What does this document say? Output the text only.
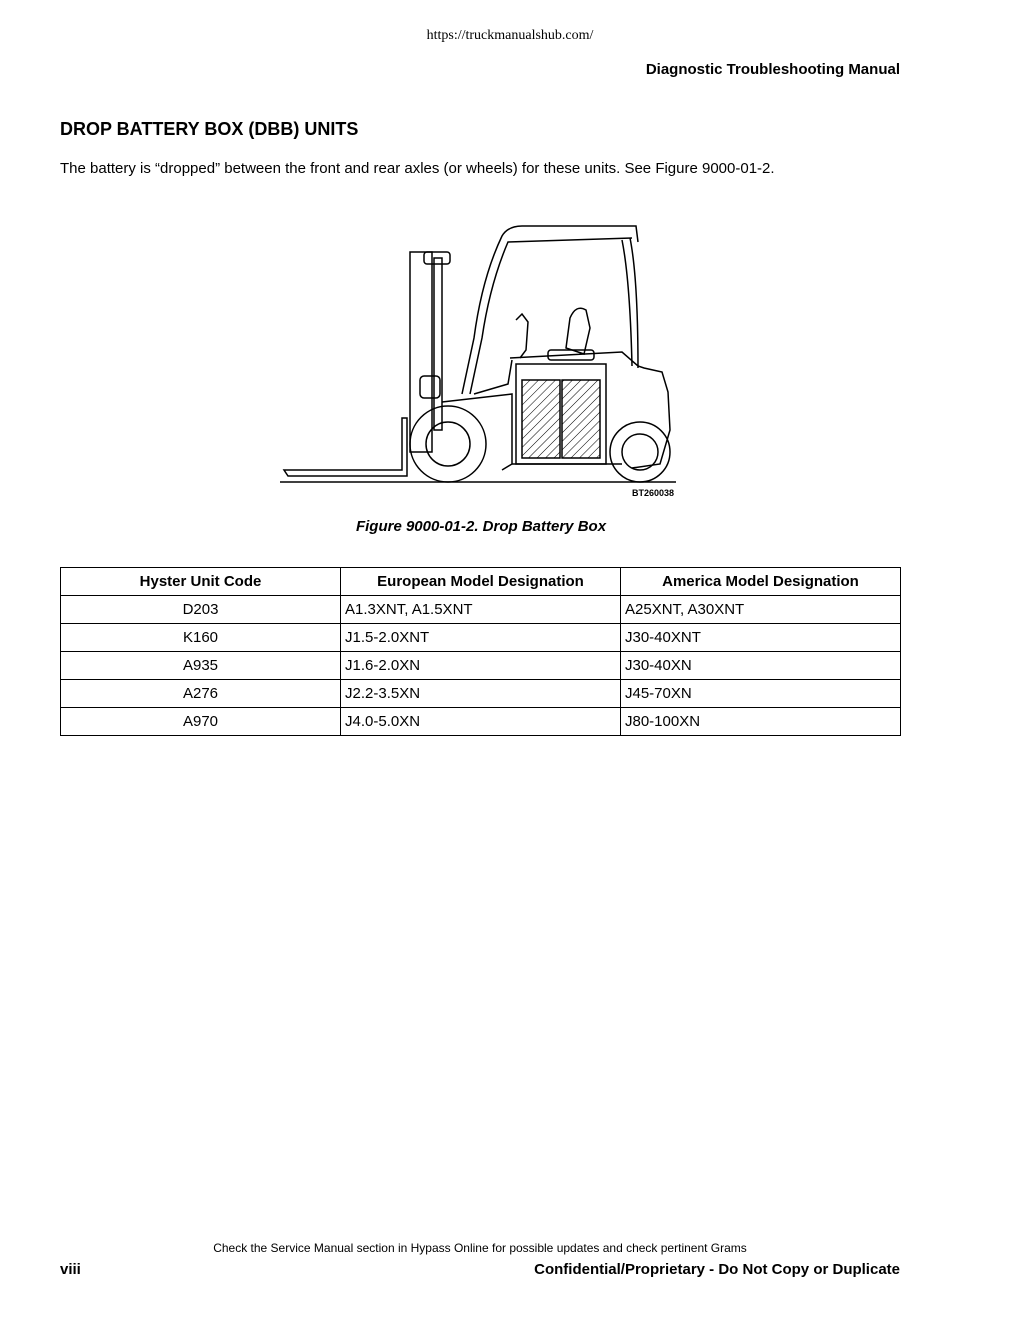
https://truckmanualshub.com/
Diagnostic Troubleshooting Manual
DROP BATTERY BOX (DBB) UNITS

The battery is “dropped” between the front and rear axles (or wheels) for these units. See Figure 9000-01-2.

BT260038
Figure 9000-01-2. Drop Battery Box
Hyster Unit Code	European Model Designation	America Model Designation
D203	A1.3XNT, A1.5XNT	A25XNT, A30XNT
K160	J1.5-2.0XNT	J30-40XNT
A935	J1.6-2.0XN	J30-40XN
A276	J2.2-3.5XN	J45-70XN
A970	J4.0-5.0XN	J80-100XN
Check the Service Manual section in Hypass Online for possible updates and check pertinent Grams
viii	Confidential/Proprietary - Do Not Copy or Duplicate
